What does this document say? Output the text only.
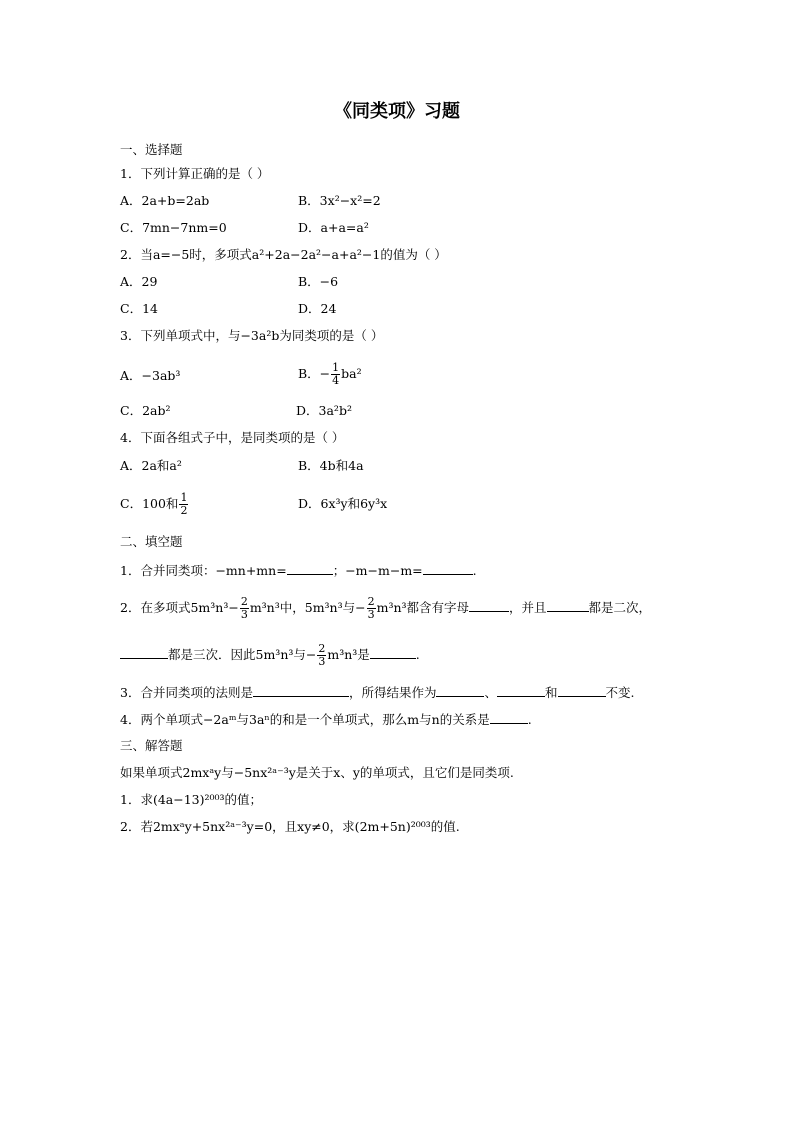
《同类项》习题
一、选择题
1．下列计算正确的是（ ）
A．2a+b=2ab	B．3x²−x²=2
C．7mn−7nm=0	D．a+a=a²
2．当a=−5时，多项式a²+2a−2a²−a+a²−1的值为（ ）
A．29	B．−6
C．14	D．24
3．下列单项式中，与−3a²b为同类项的是（ ）
A．−3ab³	B．− $\frac{1}{4} ba^2$
C．2ab²	D．3a²b²
4．下面各组式子中，是同类项的是（ ）
A．2a和a²	B．4b和4a
C．100和 $\frac{1}{2}$	D．6x³y和6y³x
二、填空题
1．合并同类项：−mn+mn=	；−m−m−m=	.
2．在多项式$5m^3n^3- \frac{2}{3} m^3n^3$中，5m³n³与− $\frac{2}{3} m^3n^3$都含有字母	，并且	都是二次，
都是三次．因此5m³n³与− $\frac{2}{3} m^3n^3$是	.
3．合并同类项的法则是	，所得结果作为	、	和	不变.
4．两个单项式−2aᵐ与3aⁿ的和是一个单项式，那么m与n的关系是	.
三、解答题
如果单项式2mxᵃy与−5nx²ᵃ⁻³y是关于x、y的单项式，且它们是同类项.
1．求(4a−13)²⁰⁰³的值；
2．若2mxᵃy+5nx²ᵃ⁻³y=0，且xy≠0，求(2m+5n)²⁰⁰³的值.
